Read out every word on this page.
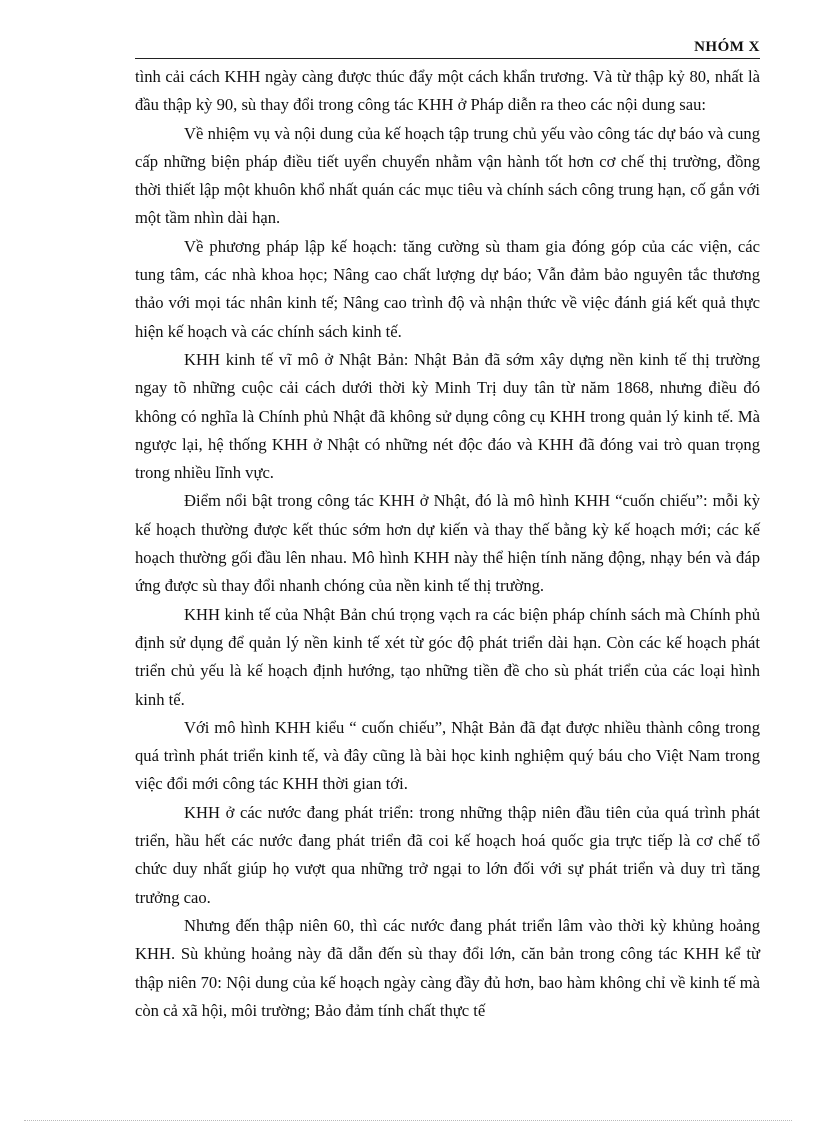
NHÓM X

tình cải cách KHH ngày càng được thúc đẩy một cách khẩn trương. Và từ thập kỷ 80, nhất là đầu thập kỳ 90, sù thay đổi trong công tác KHH ở Pháp diễn ra theo các nội dung sau:

Về nhiệm vụ và nội dung của kế hoạch tập trung chủ yếu vào công tác dự báo và cung cấp những biện pháp điều tiết uyển chuyển nhằm vận hành tốt hơn cơ chế thị trường, đồng thời thiết lập một khuôn khổ nhất quán các mục tiêu và chính sách công trung hạn, cố gắn với một tầm nhìn dài hạn.

Về phương pháp lập kế hoạch: tăng cường sù tham gia đóng góp của các viện, các tung tâm, các nhà khoa học; Nâng cao chất lượng dự báo; Vẫn đảm bảo nguyên tắc thương thảo với mọi tác nhân kinh tế; Nâng cao trình độ và nhận thức về việc đánh giá kết quả thực hiện kế hoạch và các chính sách kinh tế.

KHH kinh tế vĩ mô ở Nhật Bản: Nhật Bản đã sớm xây dựng nền kinh tế thị trường ngay tõ những cuộc cải cách dưới thời kỳ Minh Trị duy tân từ năm 1868, nhưng điều đó không có nghĩa là Chính phủ Nhật đã không sử dụng công cụ KHH trong quản lý kinh tế. Mà ngược lại, hệ thống KHH ở Nhật có những nét độc đáo và KHH đã đóng vai trò quan trọng trong nhiều lĩnh vực.

Điểm nổi bật trong công tác KHH ở Nhật, đó là mô hình KHH “cuốn chiếu”: mỗi kỳ kế hoạch thường được kết thúc sớm hơn dự kiến và thay thế bằng kỳ kế hoạch mới; các kế hoạch thường gối đầu lên nhau. Mô hình KHH này thể hiện tính năng động, nhạy bén và đáp ứng được sù thay đổi nhanh chóng của nền kinh tế thị trường.

KHH kinh tế của Nhật Bản chú trọng vạch ra các biện pháp chính sách mà Chính phủ định sử dụng để quản lý nền kinh tế xét từ góc độ phát triển dài hạn. Còn các kế hoạch phát triển chủ yếu là kế hoạch định hướng, tạo những tiền đề cho sù phát triển của các loại hình kinh tế.

Với mô hình KHH kiểu “ cuốn chiếu”, Nhật Bản đã đạt được nhiều thành công trong quá trình phát triển kinh tế, và đây cũng là bài học kinh nghiệm quý báu cho Việt Nam trong việc đổi mới công tác KHH thời gian tới.

KHH ở các nước đang phát triển: trong những thập niên đầu tiên của quá trình phát triển, hầu hết các nước đang phát triển đã coi kế hoạch hoá quốc gia trực tiếp là cơ chế tổ chức duy nhất giúp họ vượt qua những trở ngại to lớn đối với sự phát triển và duy trì tăng trưởng cao.

Nhưng đến thập niên 60, thì các nước đang phát triển lâm vào thời kỳ khủng hoảng KHH. Sù khủng hoảng này đã dẫn đến sù thay đổi lớn, căn bản trong công tác KHH kể từ thập niên 70: Nội dung của kế hoạch ngày càng đầy đủ hơn, bao hàm không chỉ về kinh tế mà còn cả xã hội, môi trường; Bảo đảm tính chất thực tế
